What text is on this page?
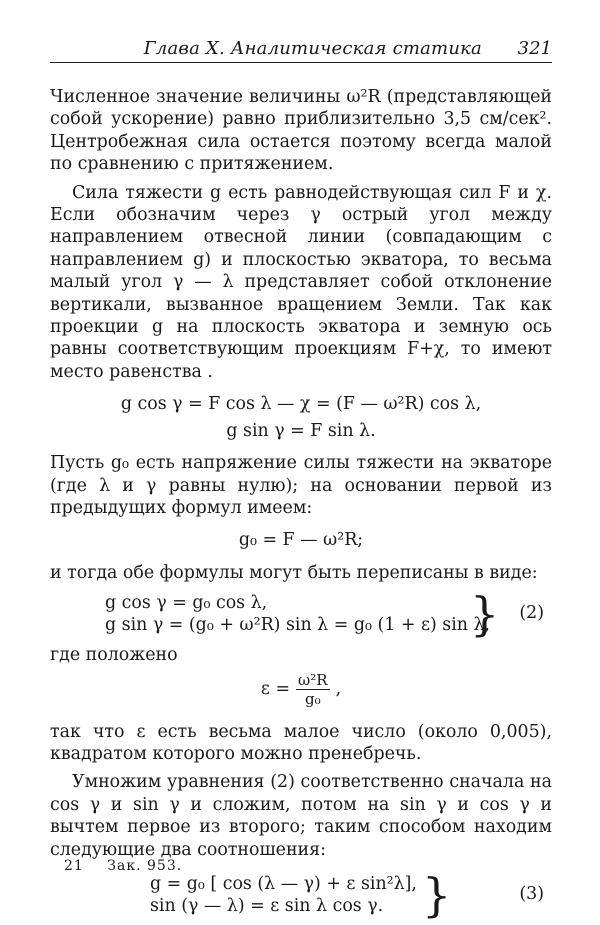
Глава X. Аналитическая статика 321

Численное значение величины ω²R (представляющей собой ускорение) равно приблизительно 3,5 см/сек². Центробежная сила остается поэтому всегда малой по сравнению с притяжением.

Сила тяжести g есть равнодействующая сил F и χ. Если обозначим через γ острый угол между направлением отвесной линии (совпадающим с направлением g) и плоскостью экватора, то весьма малый угол γ — λ представляет собой отклонение вертикали, вызванное вращением Земли. Так как проекции g на плоскость экватора и земную ось равны соответствующим проекциям F+χ, то имеют место равенства .

g cos γ = F cos λ — χ = (F — ω²R) cos λ,
g sin γ = F sin λ.

Пусть g₀ есть напряжение силы тяжести на экваторе (где λ и γ равны нулю); на основании первой из предыдущих формул имеем:

g₀ = F — ω²R;

и тогда обе формулы могут быть переписаны в виде:

g cos γ = g₀ cos λ,
g sin γ = (g₀ + ω²R) sin λ = g₀ (1 + ε) sin λ,
} (2)

где положено

$\varepsilon = \frac{\text{ω²R}}{\text{g₀}}$ ,

так что ε есть весьма малое число (около 0,005), квадратом которого можно пренебречь.

Умножим уравнения (2) соответственно сначала на cos γ и sin γ и сложим, потом на sin γ и cos γ и вычтем первое из второго; таким способом находим следующие два соотношения:

g = g₀ [ cos (λ — γ) + ε sin²λ],
sin (γ — λ) = ε sin λ cos γ. }	(3)
21 Зак. 953.
